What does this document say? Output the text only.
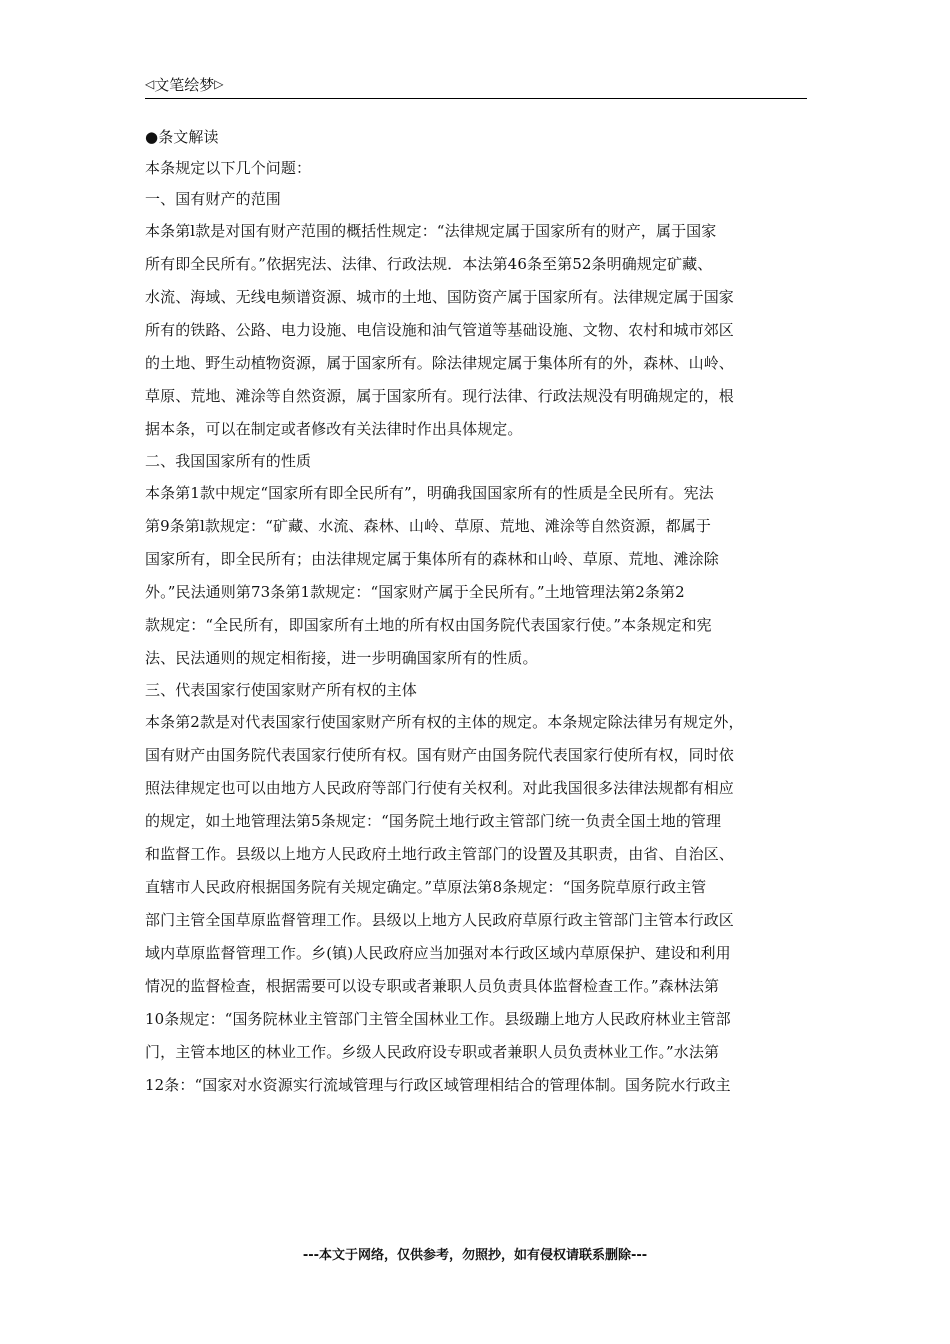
◁文笔绘梦▷
●条文解读
本条规定以下几个问题：
一、国有财产的范围
本条第l款是对国有财产范围的概括性规定：“法律规定属于国家所有的财产，属于国家
所有即全民所有。”依据宪法、法律、行政法规．本法第46条至第52条明确规定矿藏、
水流、海域、无线电频谱资源、城市的土地、国防资产属于国家所有。法律规定属于国家
所有的铁路、公路、电力设施、电信设施和油气管道等基础设施、文物、农村和城市郊区
的土地、野生动植物资源，属于国家所有。除法律规定属于集体所有的外，森林、山岭、
草原、荒地、滩涂等自然资源，属于国家所有。现行法律、行政法规没有明确规定的，根
据本条，可以在制定或者修改有关法律时作出具体规定。
二、我国国家所有的性质
本条第1款中规定“国家所有即全民所有”，明确我国国家所有的性质是全民所有。宪法
第9条第l款规定：“矿藏、水流、森林、山岭、草原、荒地、滩涂等自然资源，都属于
国家所有，即全民所有；由法律规定属于集体所有的森林和山岭、草原、荒地、滩涂除
外。”民法通则第73条第1款规定：“国家财产属于全民所有。”土地管理法第2条第2
款规定：“全民所有，即国家所有土地的所有权由国务院代表国家行使。”本条规定和宪
法、民法通则的规定相衔接，进一步明确国家所有的性质。
三、代表国家行使国家财产所有权的主体
本条第2款是对代表国家行使国家财产所有权的主体的规定。本条规定除法律另有规定外，
国有财产由国务院代表国家行使所有权。国有财产由国务院代表国家行使所有权，同时依
照法律规定也可以由地方人民政府等部门行使有关权利。对此我国很多法律法规都有相应
的规定，如土地管理法第5条规定：“国务院土地行政主管部门统一负责全国土地的管理
和监督工作。县级以上地方人民政府土地行政主管部门的设置及其职责，由省、自治区、
直辖市人民政府根据国务院有关规定确定。”草原法第8条规定：“国务院草原行政主管
部门主管全国草原监督管理工作。县级以上地方人民政府草原行政主管部门主管本行政区
域内草原监督管理工作。乡(镇)人民政府应当加强对本行政区域内草原保护、建设和利用
情况的监督检查，根据需要可以设专职或者兼职人员负责具体监督检查工作。”森林法第
10条规定：“国务院林业主管部门主管全国林业工作。县级蹦上地方人民政府林业主管部
门，主管本地区的林业工作。乡级人民政府设专职或者兼职人员负责林业工作。”水法第
12条：“国家对水资源实行流域管理与行政区域管理相结合的管理体制。国务院水行政主
---本文于网络，仅供参考，勿照抄，如有侵权请联系删除---
